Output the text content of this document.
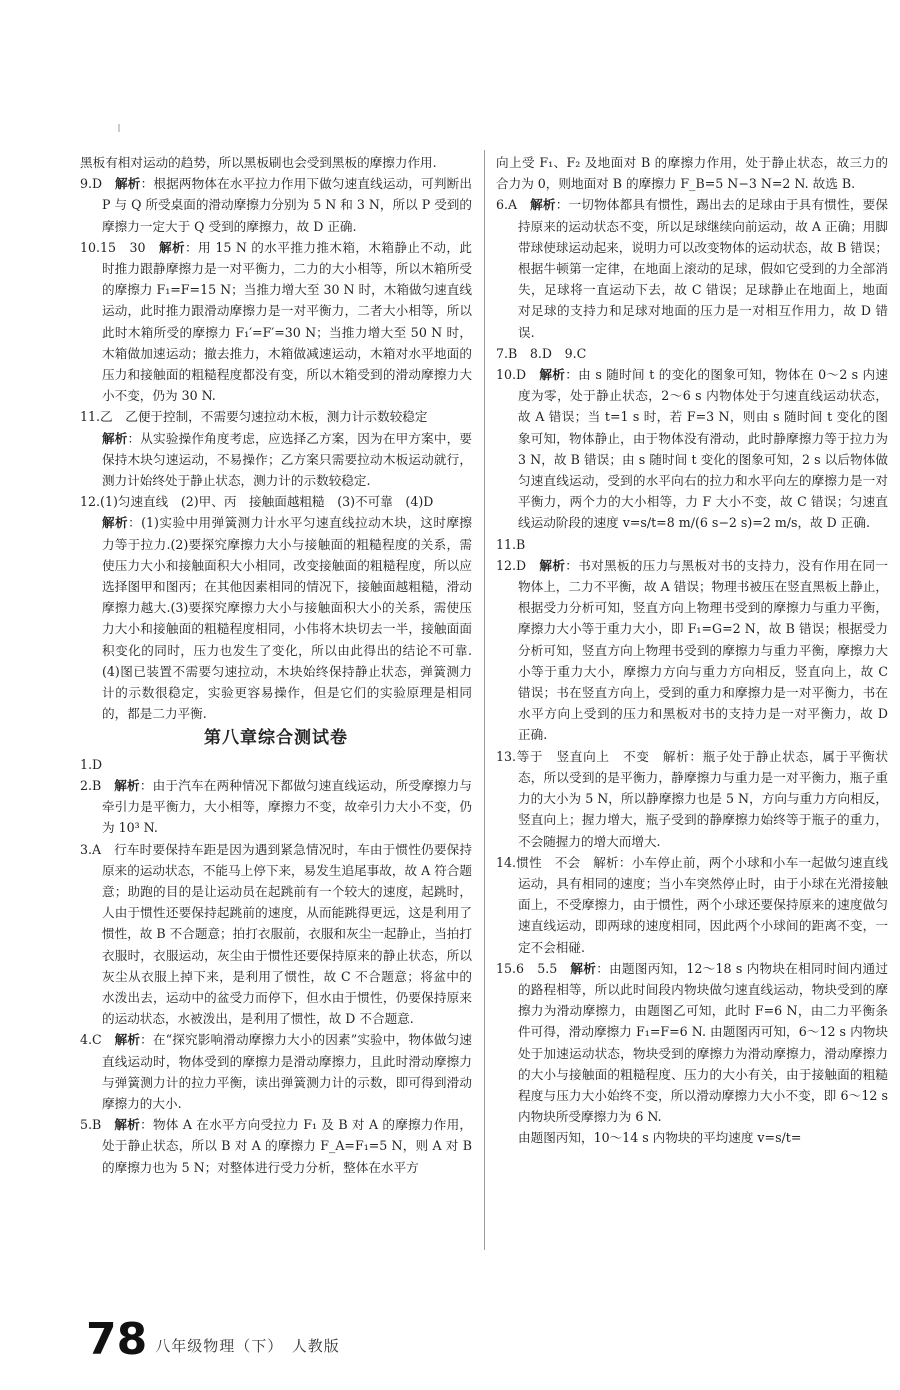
黑板有相对运动的趋势，所以黑板刷也会受到黑板的摩擦力作用.

9.D　 解析：根据两物体在水平拉力作用下做匀速直线运动，可判断出 P 与 Q 所受桌面的滑动摩擦力分别为 5 N 和 3 N，所以 P 受到的摩擦力一定大于 Q 受到的摩擦力，故 D 正确.

10.15　30　 解析：用 15 N 的水平推力推木箱，木箱静止不动，此时推力跟静摩擦力是一对平衡力，二力的大小相等，所以木箱所受的摩擦力 F₁=F=15 N；当推力增大至 30 N 时，木箱做匀速直线运动，此时推力跟滑动摩擦力是一对平衡力，二者大小相等，所以此时木箱所受的摩擦力 F₁′=F′=30 N；当推力增大至 50 N 时，木箱做加速运动；撤去推力，木箱做减速运动，木箱对水平地面的压力和接触面的粗糙程度都没有变，所以木箱受到的滑动摩擦力大小不变，仍为 30 N.

11.乙　乙便于控制，不需要匀速拉动木板，测力计示数较稳定

解析：从实验操作角度考虑，应选择乙方案，因为在甲方案中，要保持木块匀速运动，不易操作；乙方案只需要拉动木板运动就行，测力计始终处于静止状态，测力计的示数较稳定.

12.(1)匀速直线　(2)甲、丙　接触面越粗糙　(3)不可靠　(4)D

解析：(1)实验中用弹簧测力计水平匀速直线拉动木块，这时摩擦力等于拉力.(2)要探究摩擦力大小与接触面的粗糙程度的关系，需使压力大小和接触面积大小相同，改变接触面的粗糙程度，所以应选择图甲和图丙；在其他因素相同的情况下，接触面越粗糙，滑动摩擦力越大.(3)要探究摩擦力大小与接触面积大小的关系，需使压力大小和接触面的粗糙程度相同，小伟将木块切去一半，接触面面积变化的同时，压力也发生了变化，所以由此得出的结论不可靠.(4)图已装置不需要匀速拉动，木块始终保持静止状态，弹簧测力计的示数很稳定，实验更容易操作，但是它们的实验原理是相同的，都是二力平衡.

第八章综合测试卷

1.D

2.B　 解析：由于汽车在两种情况下都做匀速直线运动，所受摩擦力与牵引力是平衡力，大小相等，摩擦力不变，故牵引力大小不变，仍为 10³ N.

3.A　行车时要保持车距是因为遇到紧急情况时，车由于惯性仍要保持原来的运动状态，不能马上停下来，易发生追尾事故，故 A 符合题意；助跑的目的是让运动员在起跳前有一个较大的速度，起跳时，人由于惯性还要保持起跳前的速度，从而能跳得更远，这是利用了惯性，故 B 不合题意；拍打衣服前，衣服和灰尘一起静止，当拍打衣服时，衣服运动，灰尘由于惯性还要保持原来的静止状态，所以灰尘从衣服上掉下来，是利用了惯性，故 C 不合题意；将盆中的水泼出去，运动中的盆受力而停下，但水由于惯性，仍要保持原来的运动状态，水被泼出，是利用了惯性，故 D 不合题意.

4.C　 解析：在“探究影响滑动摩擦力大小的因素”实验中，物体做匀速直线运动时，物体受到的摩擦力是滑动摩擦力，且此时滑动摩擦力与弹簧测力计的拉力平衡，读出弹簧测力计的示数，即可得到滑动摩擦力的大小.

5.B　 解析：物体 A 在水平方向受拉力 F₁ 及 B 对 A 的摩擦力作用，处于静止状态，所以 B 对 A 的摩擦力 F_A=F₁=5 N，则 A 对 B 的摩擦力也为 5 N；对整体进行受力分析，整体在水平方

向上受 F₁、F₂ 及地面对 B 的摩擦力作用，处于静止状态，故三力的合力为 0，则地面对 B 的摩擦力 F_B=5 N−3 N=2 N. 故选 B.

6.A　 解析：一切物体都具有惯性，踢出去的足球由于具有惯性，要保持原来的运动状态不变，所以足球继续向前运动，故 A 正确；用脚带球使球运动起来，说明力可以改变物体的运动状态，故 B 错误；根据牛顿第一定律，在地面上滚动的足球，假如它受到的力全部消失，足球将一直运动下去，故 C 错误；足球静止在地面上，地面对足球的支持力和足球对地面的压力是一对相互作用力，故 D 错误.

7.B　8.D　9.C

10.D　 解析：由 s 随时间 t 的变化的图象可知，物体在 0～2 s 内速度为零，处于静止状态，2～6 s 内物体处于匀速直线运动状态，故 A 错误；当 t=1 s 时，若 F=3 N，则由 s 随时间 t 变化的图象可知，物体静止，由于物体没有滑动，此时静摩擦力等于拉力为 3 N，故 B 错误；由 s 随时间 t 变化的图象可知，2 s 以后物体做匀速直线运动，受到的水平向右的拉力和水平向左的摩擦力是一对平衡力，两个力的大小相等，力 F 大小不变，故 C 错误；匀速直线运动阶段的速度 v=s/t=8 m/(6 s−2 s)=2 m/s，故 D 正确.

11.B

12.D　 解析：书对黑板的压力与黑板对书的支持力，没有作用在同一物体上，二力不平衡，故 A 错误；物理书被压在竖直黑板上静止，根据受力分析可知，竖直方向上物理书受到的摩擦力与重力平衡，摩擦力大小等于重力大小，即 F₁=G=2 N，故 B 错误；根据受力分析可知，竖直方向上物理书受到的摩擦力与重力平衡，摩擦力大小等于重力大小，摩擦力方向与重力方向相反，竖直向上，故 C 错误；书在竖直方向上，受到的重力和摩擦力是一对平衡力，书在水平方向上受到的压力和黑板对书的支持力是一对平衡力，故 D 正确.

13.等于　竖直向上　不变　解析：瓶子处于静止状态，属于平衡状态，所以受到的是平衡力，静摩擦力与重力是一对平衡力，瓶子重力的大小为 5 N，所以静摩擦力也是 5 N，方向与重力方向相反，竖直向上；握力增大，瓶子受到的静摩擦力始终等于瓶子的重力，不会随握力的增大而增大.

14.惯性　不会　解析：小车停止前，两个小球和小车一起做匀速直线运动，具有相同的速度；当小车突然停止时，由于小球在光滑接触面上，不受摩擦力，由于惯性，两个小球还要保持原来的速度做匀速直线运动，即两球的速度相同，因此两个小球间的距离不变，一定不会相碰.

15.6　5.5　 解析：由题图丙知，12～18 s 内物块在相同时间内通过的路程相等，所以此时间段内物块做匀速直线运动，物块受到的摩擦力为滑动摩擦力，由题图乙可知，此时 F=6 N，由二力平衡条件可得，滑动摩擦力 F₁=F=6 N. 由题图丙可知，6～12 s 内物块处于加速运动状态，物块受到的摩擦力为滑动摩擦力，滑动摩擦力的大小与接触面的粗糙程度、压力的大小有关，由于接触面的粗糙程度与压力大小始终不变，所以滑动摩擦力大小不变，即 6～12 s 内物块所受摩擦力为 6 N.

由题图丙知，10～14 s 内物块的平均速度 v=s/t=

78 八年级物理（下）　人教版
